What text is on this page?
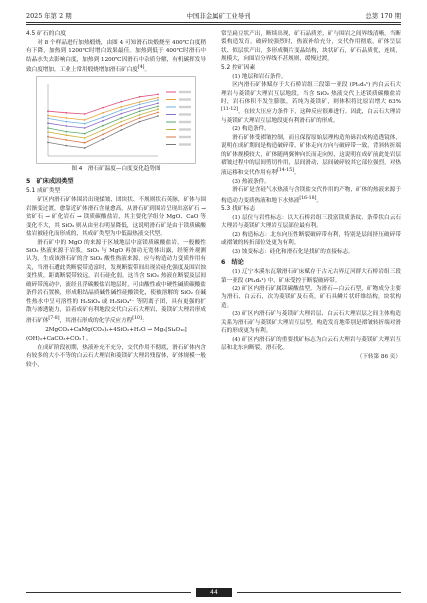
2025 年第 2 期	中国非金属矿工业导刊	总第 170 期
4.5 矿石的白度

对 8 个样品进行加热煅烧，由图 4 可知滑石块煅烧至 400℃白度稍有下降，加热到 1200℃时增白效果最佳。加热到低于 400℃时滑石中结晶水失去影响白度，加热到 1200℃因滑石中杂质分解，有机碳挥发导致白度增加，工业上常用煅烧增加滑石矿白度[4]。

图 4　滑石矿温度—白度变化趋势图
5　矿床成因类型
5.1 成矿类型

矿区内滑石矿体围岩出现揉皱、团块状、不规则状石英脉，矿体与围岩渐变过渡，愈靠近矿体滑石含量愈高，从滑石矿到围岩呈现出富矿石 → 贫矿石 → 矿化岩石 → 镁质碳酸盐岩，其主要化学组分 MgO、CaO 等变化不大，其 SiO₂ 则从由至右明显降低，这说明滑石矿是由于镁质碳酸盐岩被硅化而形成的，其成矿类型为中低温热液交代型。

滑石矿中的 MgO 的来源于区域地层中富镁质碳酸盐岩，一般酸性 SiO₂ 热液来源于岩浆，SiO₂ 与 MgO 再加功无宽体出露，经鉴外观测认为，生成该滑石矿的含 SiO₂ 酸性热液来源，应与构造动力变质作用有关，当滑石遭此类断裂带造富时，发现断裂带间出现岩硅化强度及围岩蚀变性质，距离断裂带较远，岩石硅化弱，这当含 SiO₂ 热液在断裂及层间破碎带流动中，流经且浮碳酸盐岩地层时，可由酸性或中硬性碱质碳酸盐条件岩石置换，形成粗结晶质碱性碱性硅酸镁化，使被溶解的 SiO₂ 在碱性热水中呈可溶性的 H₂SiO₄ 或 H₂SiO₄²⁻ 等阴离子团，具有更强的扩散与渗透能力，沿着成矿有利地段交代白云石大理岩、菱镁矿大理岩形成滑石矿体[7-8]，其滑石形成的化学反应方程[10]：

2MgCO₃+CaMg(CO₃)₂+4SiO₂+H₂O → Mg₃[Si₄O₁₀]
(OH)₂+CaCO₃+CO₂↑。

在成矿阶段初期，热液补充不充分，交代作用不彻底，滑石矿体内含有较多的大小不等的白云石大理岩和菱镁矿大理岩残留体，矿体规模一般较小，

常呈扁豆状产出，断续出现，矿石品质差，矿与围岩之间界线清晰。当断裂构造发育，破碎较强烈时，热液补给充分，交代作用彻底，矿体呈层状、似层状产出，多形成稠片变晶结构，块状矿石，矿石品质优，连续，规模大，向围岩分界线不甚规则，缓慢过渡。

5.2 控矿因素
(1) 地层和岩石条件。

区内滑石矿体赋存于大石桥岩组三段第一亚段 (Pt₁d₃¹) 内白云石大理岩与菱镁矿大理岩互层地段，当含 SiO₂ 热液交代上述镁质碳酸盐岩时，岩石体积不发生膨胀，若纯为菱镁矿，则体积将比原岩增大 63%[11-12]，在较大压应力条件下，这种反应很难进行。因此，白云石大理岩与菱镁矿大理岩互层地段更有利滑石矿的形成。

(2) 构造条件。

滑石矿体受褶皱控制，而且保留原始层理构造角砾岩成构造透镜体，说明在成矿期间是构造破碎带，矿体走向方向与破碎带一致，背斜转折端的矿体规模较大，矿体随两翼伸向长而走向短，这说明在成矿前此处岩层褶皱过程中的层间剪切作用，层间滑动，层间破碎较其它部位强烈，对热液运移和交代作用有利[14-15]。

(3) 热液条件。

滑石矿是含硅气水热液与含镁盐交代作用的产物，矿体的热液来源于构造动力变质热液和地下水热液[16-18]。

5.3 找矿标志

(1) 层位与岩性标志：以大石桥岩组三段富镁质条纹、条带状白云石大理岩与菱镁矿大理岩互层部位最有利。

(2) 构造标志：北东向压性断裂破碎带有利，特别是层间挤压破碎带或褶皱的转折部位处更为有利。

(3) 蚀变标志：硅化和滑石化是找矿的直接标志。

6　结论

(1) 辽宁本溪东瓦墩滑石矿床赋存于古元古界辽河群大石桥岩组三段第一亚段 (Pt₁d₃¹) 中，矿床受控于断裂破碎带。

(2) 矿区内滑石矿属镁碳酸盐型，为滑石—白云石型，矿物成分主要为滑石、白云石，次为菱镁矿及石英，矿石具鳞片状纤维结构，块状构造。

(3) 矿区内滑石矿与菱镁矿大理岩层、白云石大理岩层之间主体构造关系为滑石矿与菱镁矿大理岩互层型，构造发育地带别是褶皱转折端对滑石的形成更为有利。

(4) 矿区内滑石矿的重要找矿标志为白云石大理岩与菱镁矿大理岩互层和北东向断裂，滑石化。

（下转第 86 页）
44
